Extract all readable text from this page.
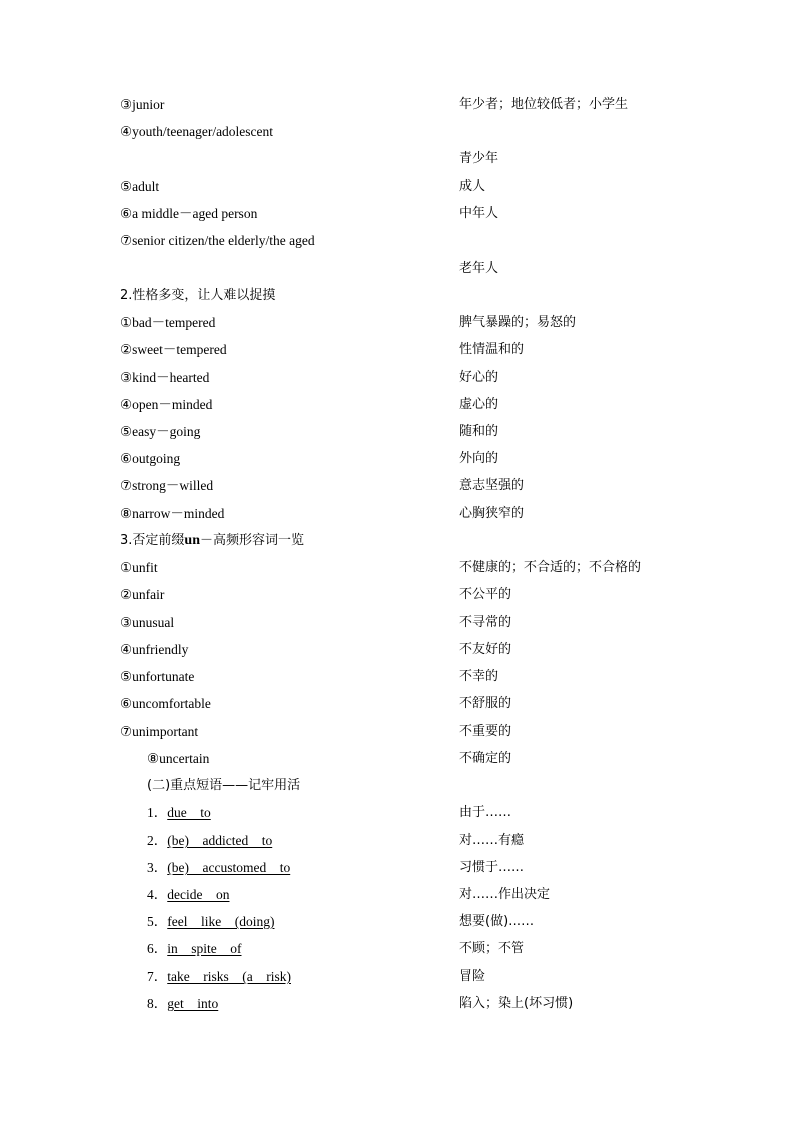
③junior	年少者；地位较低者；小学生
④youth/teenager/adolescent
青少年
⑤adult	成人
⑥a middle－aged person	中年人
⑦senior citizen/the elderly/the aged
老年人
2.性格多变，让人难以捉摸
①bad－tempered	脾气暴躁的；易怒的
②sweet－tempered	性情温和的
③kind－hearted	好心的
④open－minded	虚心的
⑤easy－going	随和的
⑥outgoing	外向的
⑦strong－willed	意志坚强的
⑧narrow－minded	心胸狭窄的
3.否定前缀un－高频形容词一览
①unfit	不健康的；不合适的；不合格的
②unfair	不公平的
③unusual	不寻常的
④unfriendly	不友好的
⑤unfortunate	不幸的
⑥uncomfortable	不舒服的
⑦unimportant	不重要的
⑧uncertain	不确定的
(二)重点短语——记牢用活
1．due　to	由于……
2．(be)　addicted　to	对……有瘾
3．(be)　accustomed　to	习惯于……
4．decide　on	对……作出决定
5．feel　like　(doing)	想要(做)……
6．in　spite　of	不顾；不管
7．take　risks　(a　risk)	冒险
8．get　into	陷入；染上(坏习惯)
